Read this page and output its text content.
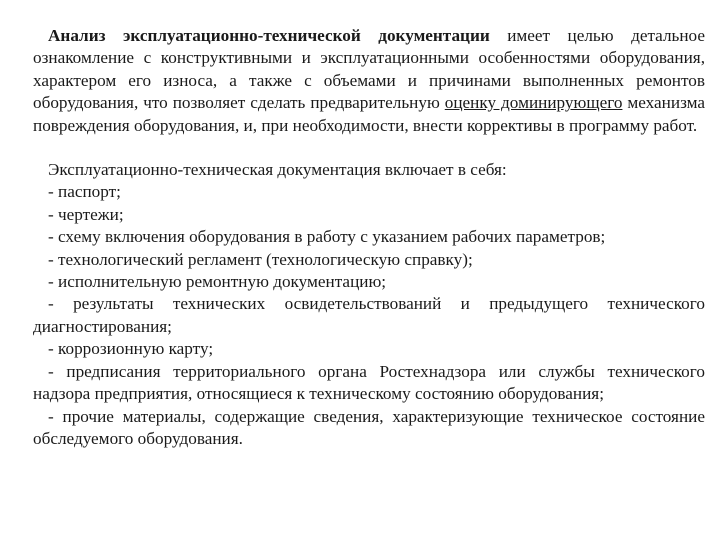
Анализ эксплуатационно-технической документации имеет целью детальное ознакомление с конструктивными и эксплуатационными особенностями оборудования, характером его износа, а также с объемами и причинами выполненных ремонтов оборудования, что позволяет сделать предварительную оценку доминирующего механизма повреждения оборудования, и, при необходимости, внести коррективы в программу работ.

Эксплуатационно-техническая документация включает в себя:

- паспорт;
- чертежи;
- схему включения оборудования в работу с указанием рабочих параметров;
- технологический регламент (технологическую справку);
- исполнительную ремонтную документацию;
- результаты технических освидетельствований и предыдущего технического диагностирования;
- коррозионную карту;
- предписания территориального органа Ростехнадзора или службы технического надзора предприятия, относящиеся к техническому состоянию оборудования;
- прочие материалы, содержащие сведения, характеризующие техническое состояние обследуемого оборудования.
